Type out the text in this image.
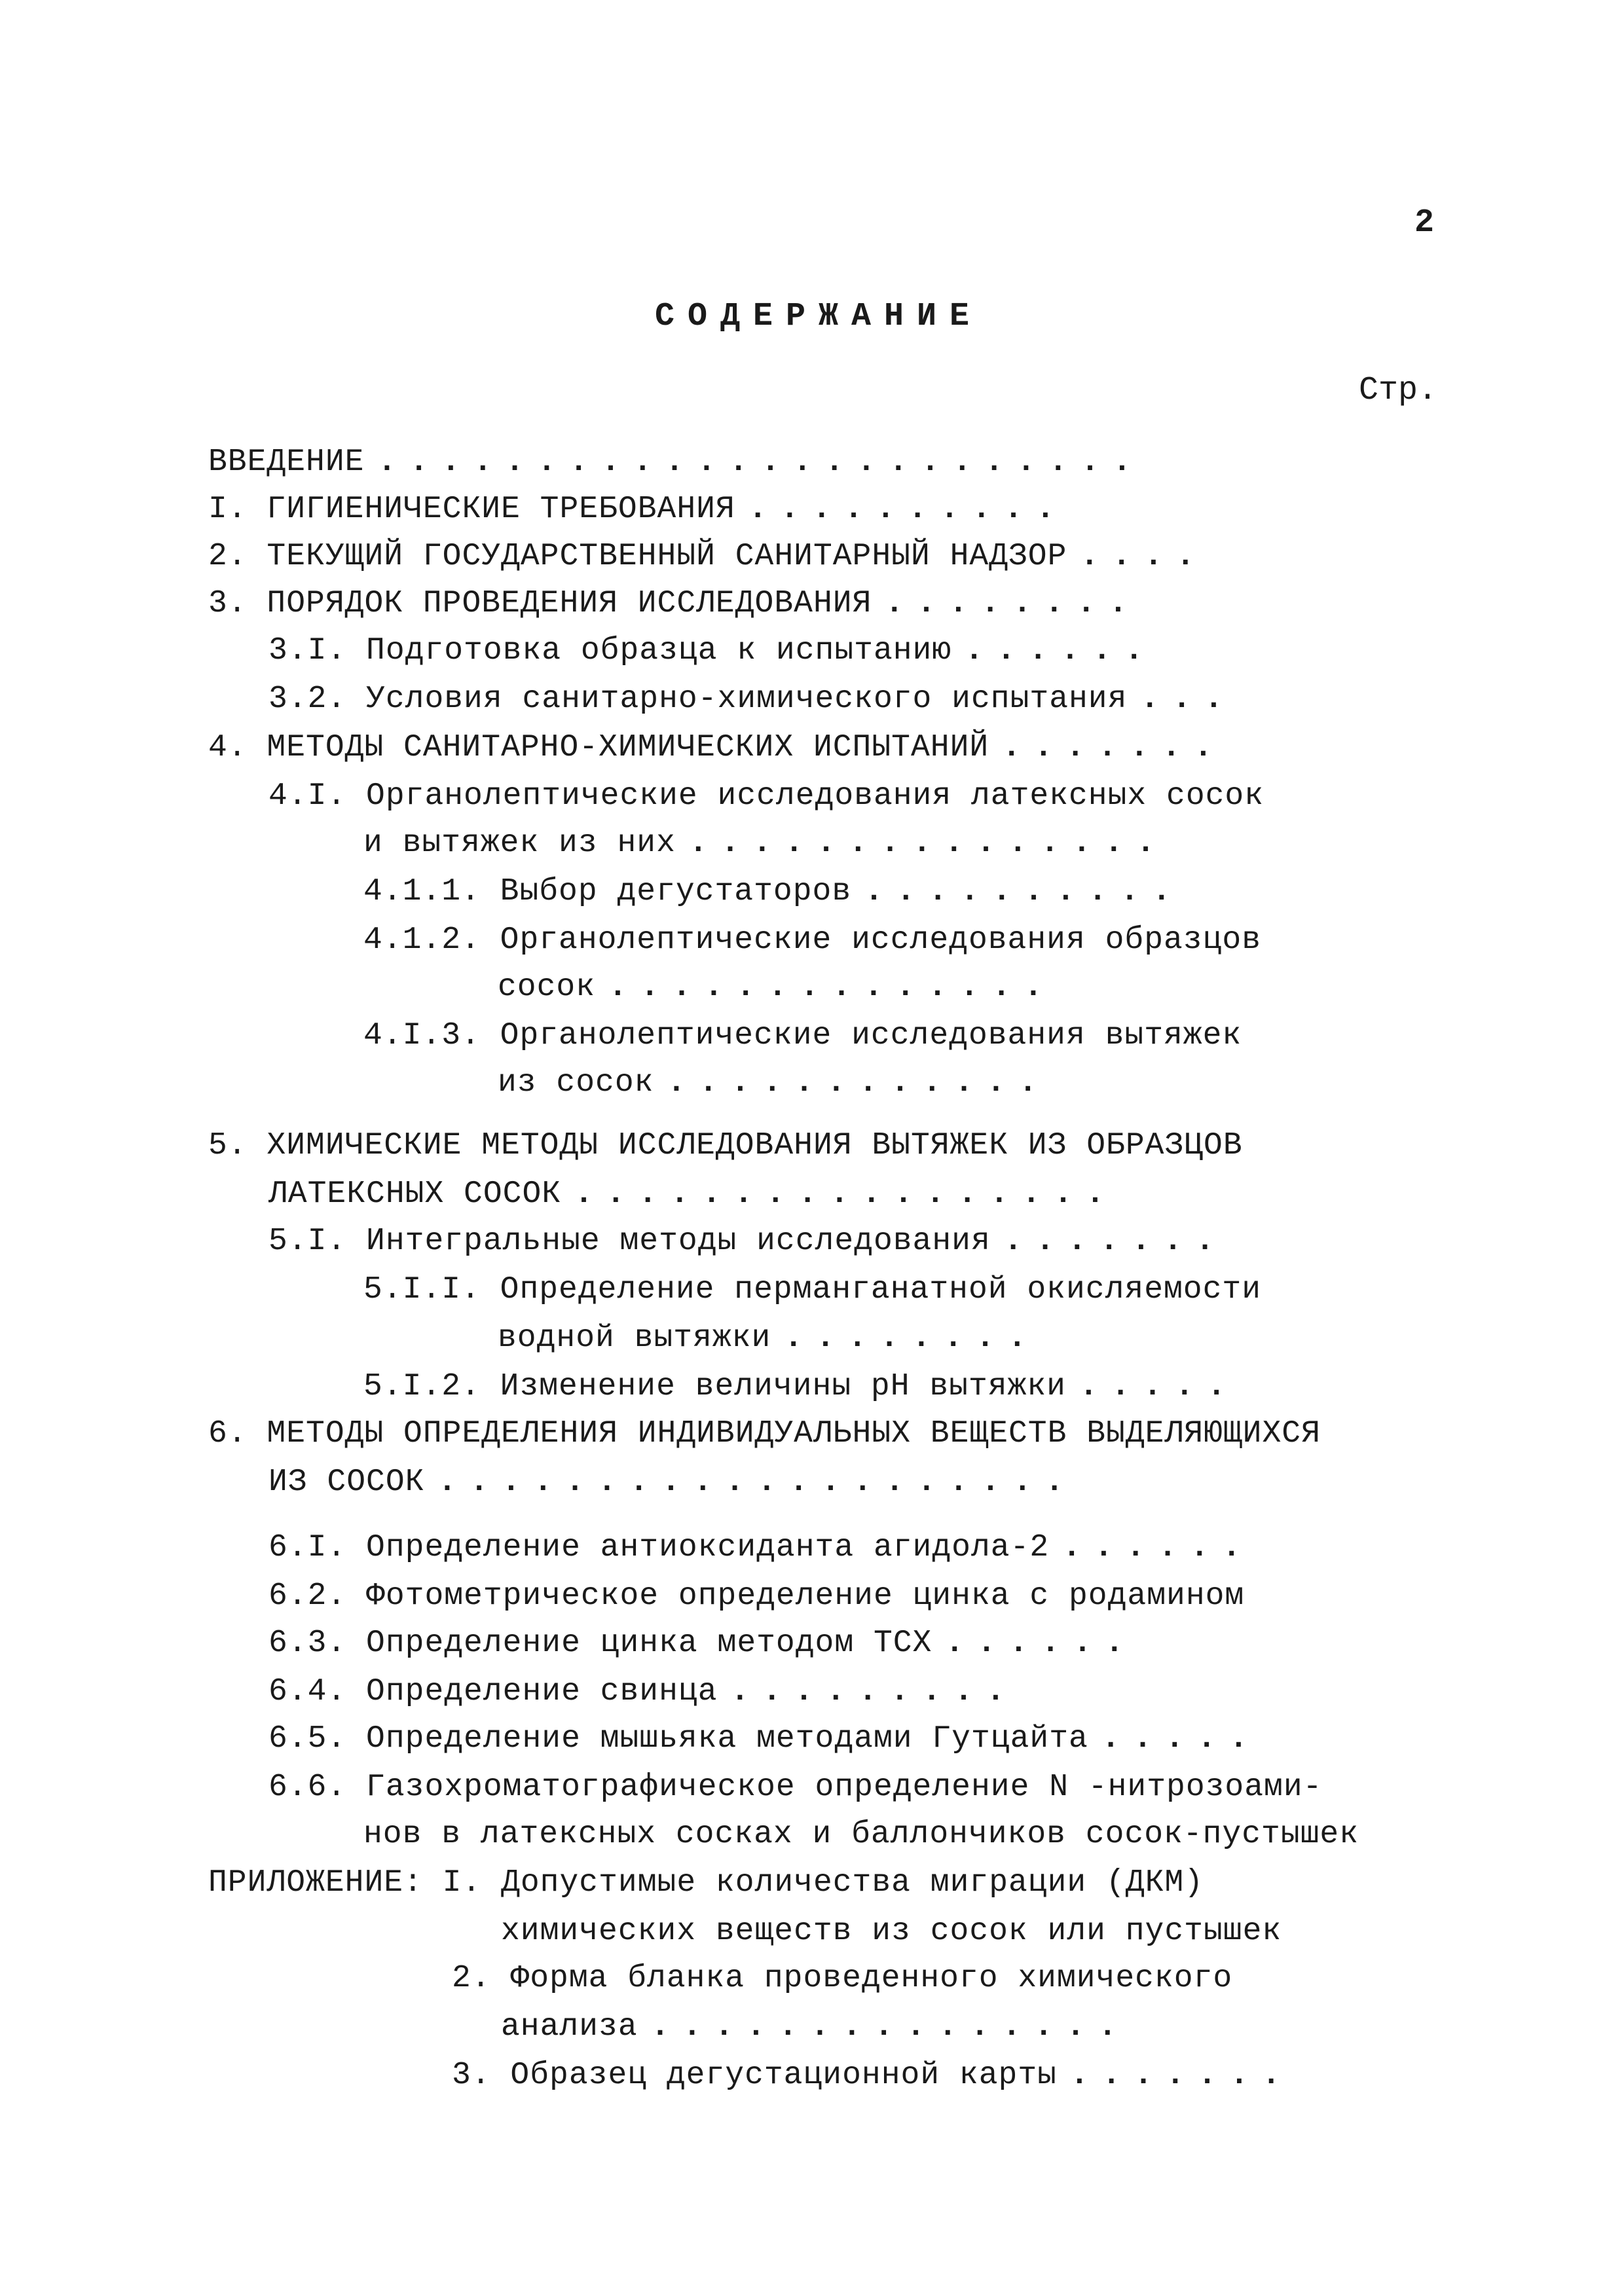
2
СОДЕРЖАНИЕ
Стр.
ВВЕДЕНИЕ ........................
I. ГИГИЕНИЧЕСКИЕ ТРЕБОВАНИЯ ..........
2. ТЕКУЩИЙ ГОСУДАРСТВЕННЫЙ САНИТАРНЫЙ НАДЗОР ....
3. ПОРЯДОК ПРОВЕДЕНИЯ ИССЛЕДОВАНИЯ ........
3.I. Подготовка образца к испытанию ......
3.2. Условия санитарно-химического испытания ...
4. МЕТОДЫ САНИТАРНО-ХИМИЧЕСКИХ ИСПЫТАНИЙ .......
4.I. Органолептические исследования латексных сосок
и вытяжек из них ...............
4.1.1. Выбор дегустаторов ..........
4.1.2. Органолептические исследования образцов
сосок ..............
4.I.3. Органолептические исследования вытяжек
из сосок ............
5. ХИМИЧЕСКИЕ МЕТОДЫ ИССЛЕДОВАНИЯ ВЫТЯЖЕК ИЗ ОБРАЗЦОВ
ЛАТЕКСНЫХ СОСОК .................
5.I. Интегральные методы исследования .......
5.I.I. Определение перманганатной окисляемости
водной вытяжки ........
5.I.2. Изменение величины рН вытяжки .....
6. МЕТОДЫ ОПРЕДЕЛЕНИЯ ИНДИВИДУАЛЬНЫХ ВЕЩЕСТВ ВЫДЕЛЯЮЩИХСЯ
ИЗ СОСОК ....................
6.I. Определение антиоксиданта агидола-2 ......
6.2. Фотометрическое определение цинка с родамином
6.3. Определение цинка методом ТСХ ......
6.4. Определение свинца .........
6.5. Определение мышьяка методами Гутцайта .....
6.6. Газохроматографическое определение N -нитрозоами-
нов в латексных сосках и баллончиков сосок-пустышек
ПРИЛОЖЕНИЕ: I. Допустимые количества миграции (ДКМ)
химических веществ из сосок или пустышек
2. Форма бланка проведенного химического
анализа ...............
3. Образец дегустационной карты .......
